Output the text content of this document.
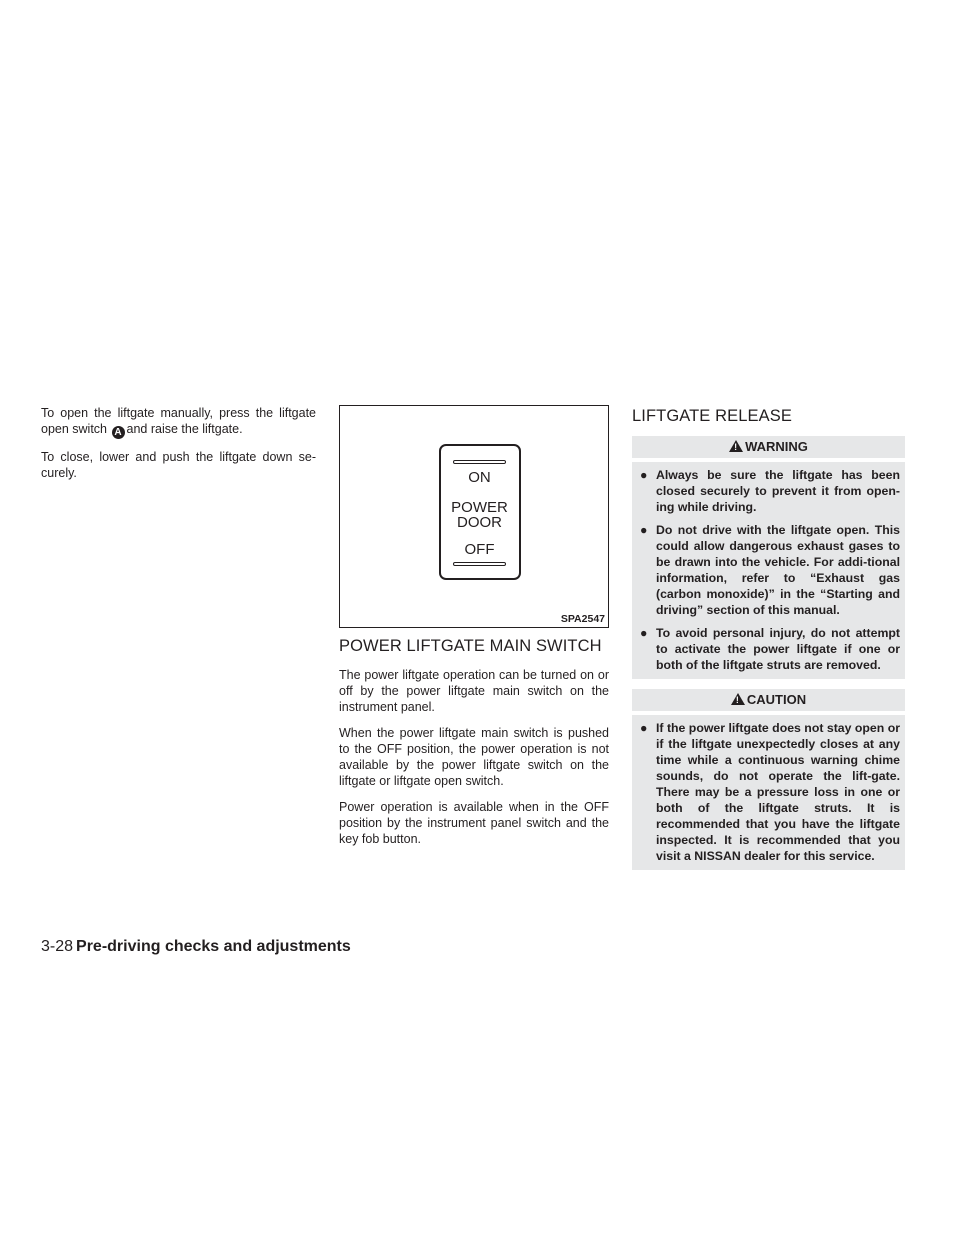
To open the liftgate manually, press the liftgate open switch A and raise the liftgate.

To close, lower and push the liftgate down se-curely.	ON
POWER
DOOR
OFF
SPA2547
POWER LIFTGATE MAIN SWITCH

The power liftgate operation can be turned on or off by the power liftgate main switch on the instrument panel.

When the power liftgate main switch is pushed to the OFF position, the power operation is not available by the power liftgate switch on the liftgate or liftgate open switch.

Power operation is available when in the OFF position by the instrument panel switch and the key fob button.

LIFTGATE RELEASE
!WARNING
● Always be sure the liftgate has been closed securely to prevent it from open-ing while driving.
● Do not drive with the liftgate open. This could allow dangerous exhaust gases to be drawn into the vehicle. For addi-tional information, refer to “Exhaust gas (carbon monoxide)” in the “Starting and driving” section of this manual.
● To avoid personal injury, do not attempt to activate the power liftgate if one or both of the liftgate struts are removed.
!CAUTION
● If the power liftgate does not stay open or if the liftgate unexpectedly closes at any time while a continuous warning chime sounds, do not operate the lift-gate. There may be a pressure loss in one or both of the liftgate struts. It is recommended that you have the liftgate inspected. It is recommended that you visit a NISSAN dealer for this service.
3-28 Pre-driving checks and adjustments
